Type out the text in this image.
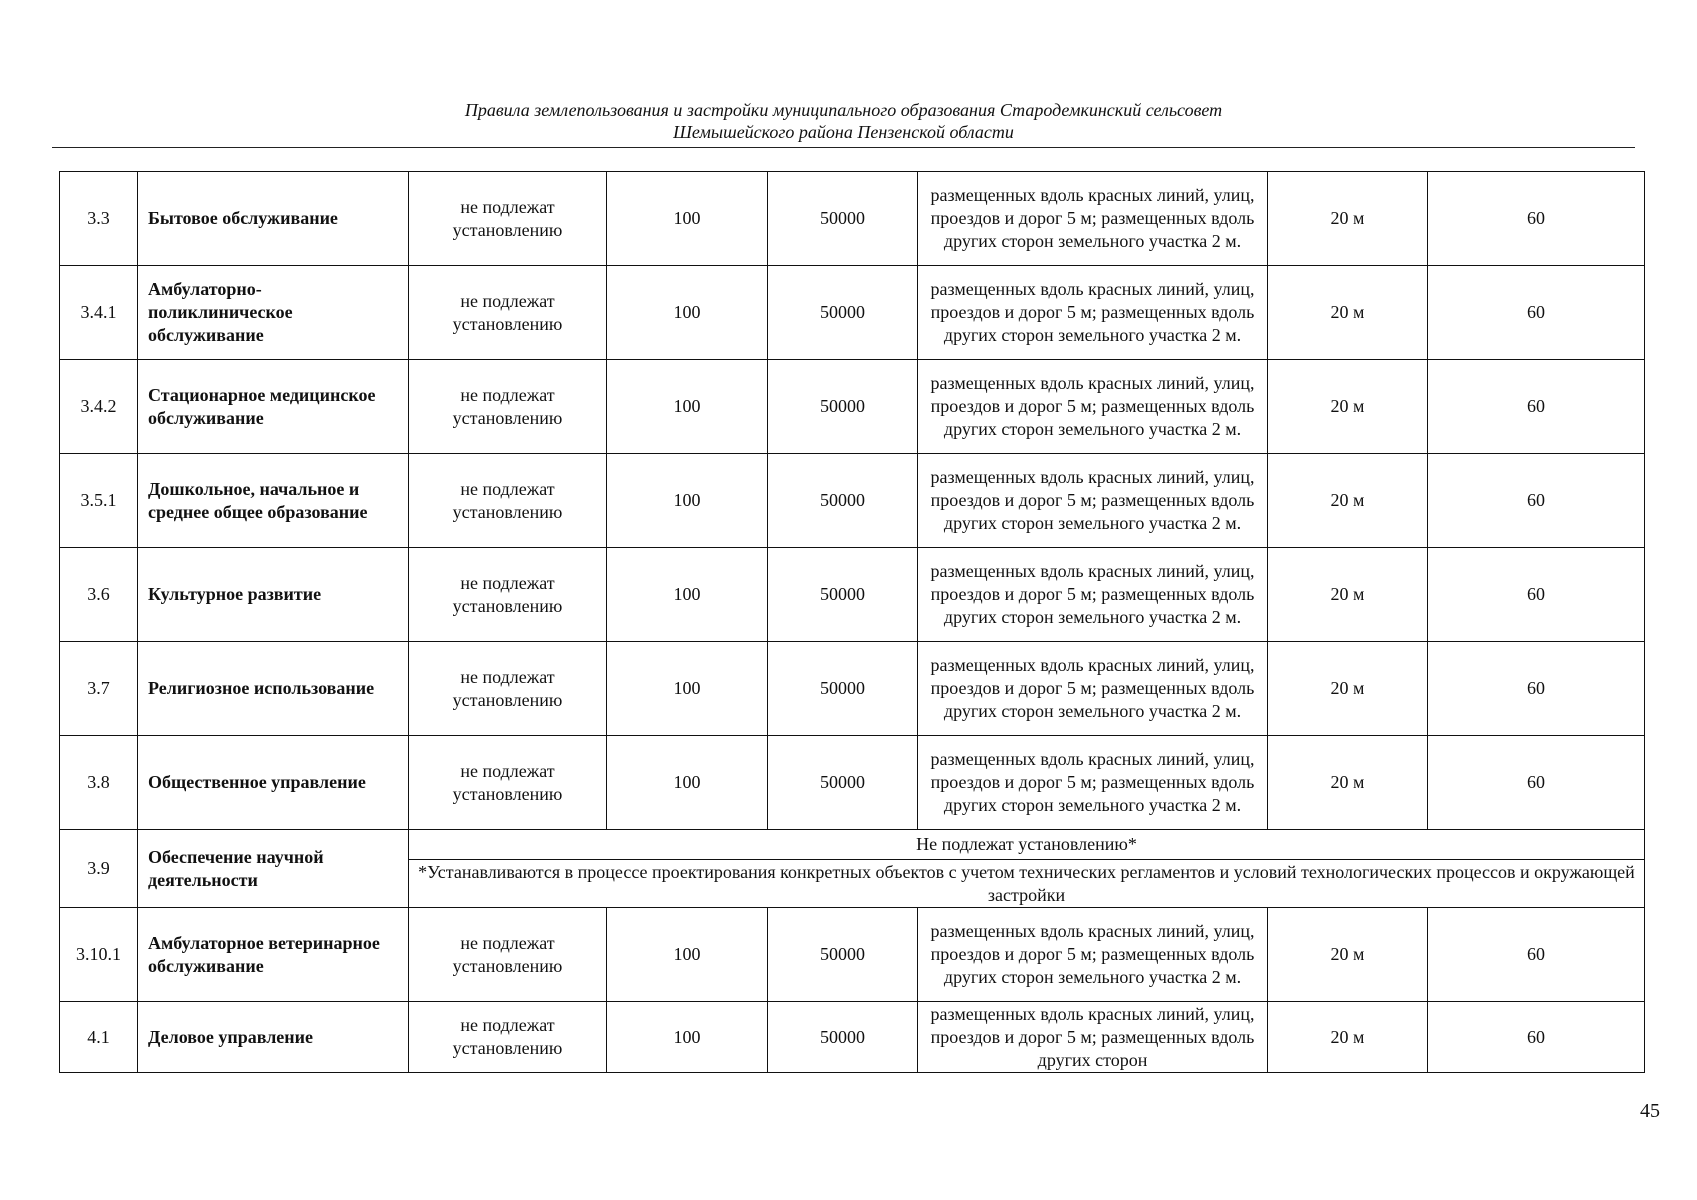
Правила землепользования и застройки муниципального образования Стародемкинский сельсовет
Шемышейского района Пензенской области
3.3	Бытовое обслуживание	не подлежат установлению	100	50000	размещенных вдоль красных линий, улиц, проездов и дорог 5 м; размещенных вдоль других сторон земельного участка 2 м.	20 м	60
3.4.1	Амбулаторно-поликлиническое обслуживание	не подлежат установлению	100	50000	размещенных вдоль красных линий, улиц, проездов и дорог 5 м; размещенных вдоль других сторон земельного участка 2 м.	20 м	60
3.4.2	Стационарное медицинское обслуживание	не подлежат установлению	100	50000	размещенных вдоль красных линий, улиц, проездов и дорог 5 м; размещенных вдоль других сторон земельного участка 2 м.	20 м	60
3.5.1	Дошкольное, начальное и среднее общее образование	не подлежат установлению	100	50000	размещенных вдоль красных линий, улиц, проездов и дорог 5 м; размещенных вдоль других сторон земельного участка 2 м.	20 м	60
3.6	Культурное развитие	не подлежат установлению	100	50000	размещенных вдоль красных линий, улиц, проездов и дорог 5 м; размещенных вдоль других сторон земельного участка 2 м.	20 м	60
3.7	Религиозное использование	не подлежат установлению	100	50000	размещенных вдоль красных линий, улиц, проездов и дорог 5 м; размещенных вдоль других сторон земельного участка 2 м.	20 м	60
3.8	Общественное управление	не подлежат установлению	100	50000	размещенных вдоль красных линий, улиц, проездов и дорог 5 м; размещенных вдоль других сторон земельного участка 2 м.	20 м	60
3.9	Обеспечение научной деятельности	Не подлежат установлению*					
		*Устанавливаются в процессе проектирования конкретных объектов с учетом технических регламентов и условий технологических процессов и окружающей застройки					
3.10.1	Амбулаторное ветеринарное обслуживание	не подлежат установлению	100	50000	размещенных вдоль красных линий, улиц, проездов и дорог 5 м; размещенных вдоль других сторон земельного участка 2 м.	20 м	60
4.1	Деловое управление	не подлежат установлению	100	50000	размещенных вдоль красных линий, улиц, проездов и дорог 5 м; размещенных вдоль других сторон	20 м	60
45
